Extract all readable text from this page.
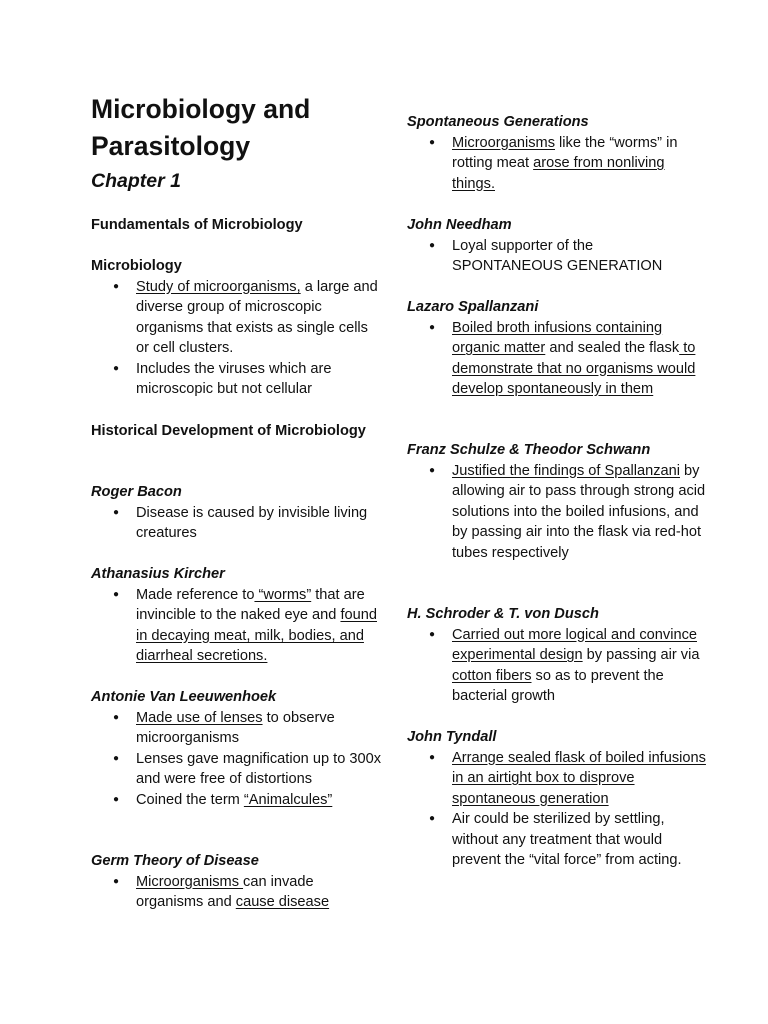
Microbiology and Parasitology
Chapter 1
Fundamentals of Microbiology
Microbiology
● Study of microorganisms, a large and diverse group of microscopic organisms that exists as single cells or cell clusters.
● Includes the viruses which are microscopic but not cellular
Historical Development of Microbiology
Roger Bacon
● Disease is caused by invisible living creatures
Athanasius Kircher
● Made reference to “worms” that are invincible to the naked eye and found in decaying meat, milk, bodies, and diarrheal secretions.
Antonie Van Leeuwenhoek
● Made use of lenses to observe microorganisms
● Lenses gave magnification up to 300x and were free of distortions
● Coined the term “Animalcules”
Germ Theory of Disease
● Microorganisms can invade organisms and cause disease
Spontaneous Generations
● Microorganisms like the “worms” in rotting meat arose from nonliving things.
John Needham
● Loyal supporter of the SPONTANEOUS GENERATION
Lazaro Spallanzani
● Boiled broth infusions containing organic matter and sealed the flask to demonstrate that no organisms would develop spontaneously in them
Franz Schulze & Theodor Schwann
● Justified the findings of Spallanzani by allowing air to pass through strong acid solutions into the boiled infusions, and by passing air into the flask via red-hot tubes respectively
H. Schroder & T. von Dusch
● Carried out more logical and convince experimental design by passing air via cotton fibers so as to prevent the bacterial growth
John Tyndall
● Arrange sealed flask of boiled infusions in an airtight box to disprove spontaneous generation
● Air could be sterilized by settling, without any treatment that would prevent the “vital force” from acting.
